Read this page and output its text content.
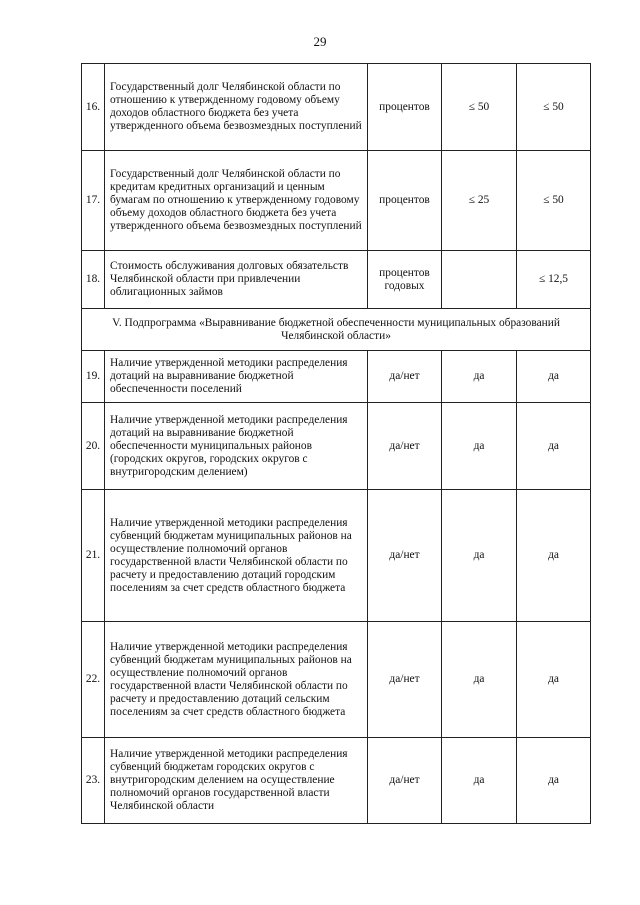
29
16.	Государственный долг Челябинской области по отношению к утвержденному годовому объему доходов областного бюджета без учета утвержденного объема безвозмездных поступлений	процентов	≤ 50	≤ 50
17.	Государственный долг Челябинской области по кредитам кредитных организаций и ценным бумагам по отношению к утвержденному годовому объему доходов областного бюджета без учета утвержденного объема безвозмездных поступлений	процентов	≤ 25	≤ 50
18.	Стоимость обслуживания долговых обязательств Челябинской области при привлечении облигационных займов	процентов годовых		≤ 12,5
V. Подпрограмма «Выравнивание бюджетной обеспеченности муниципальных образований Челябинской области»				
19.	Наличие утвержденной методики распределения дотаций на выравнивание бюджетной обеспеченности поселений	да/нет	да	да
20.	Наличие утвержденной методики распределения дотаций на выравнивание бюджетной обеспеченности муниципальных районов (городских округов, городских округов с внутригородским делением)	да/нет	да	да
21.	Наличие утвержденной методики распределения субвенций бюджетам муниципальных районов на осуществление полномочий органов государственной власти Челябинской области по расчету и предоставлению дотаций городским поселениям за счет средств областного бюджета	да/нет	да	да
22.	Наличие утвержденной методики распределения субвенций бюджетам муниципальных районов на осуществление полномочий органов государственной власти Челябинской области по расчету и предоставлению дотаций сельским поселениям за счет средств областного бюджета	да/нет	да	да
23.	Наличие утвержденной методики распределения субвенций бюджетам городских округов с внутригородским делением на осуществление полномочий органов государственной власти Челябинской области	да/нет	да	да
